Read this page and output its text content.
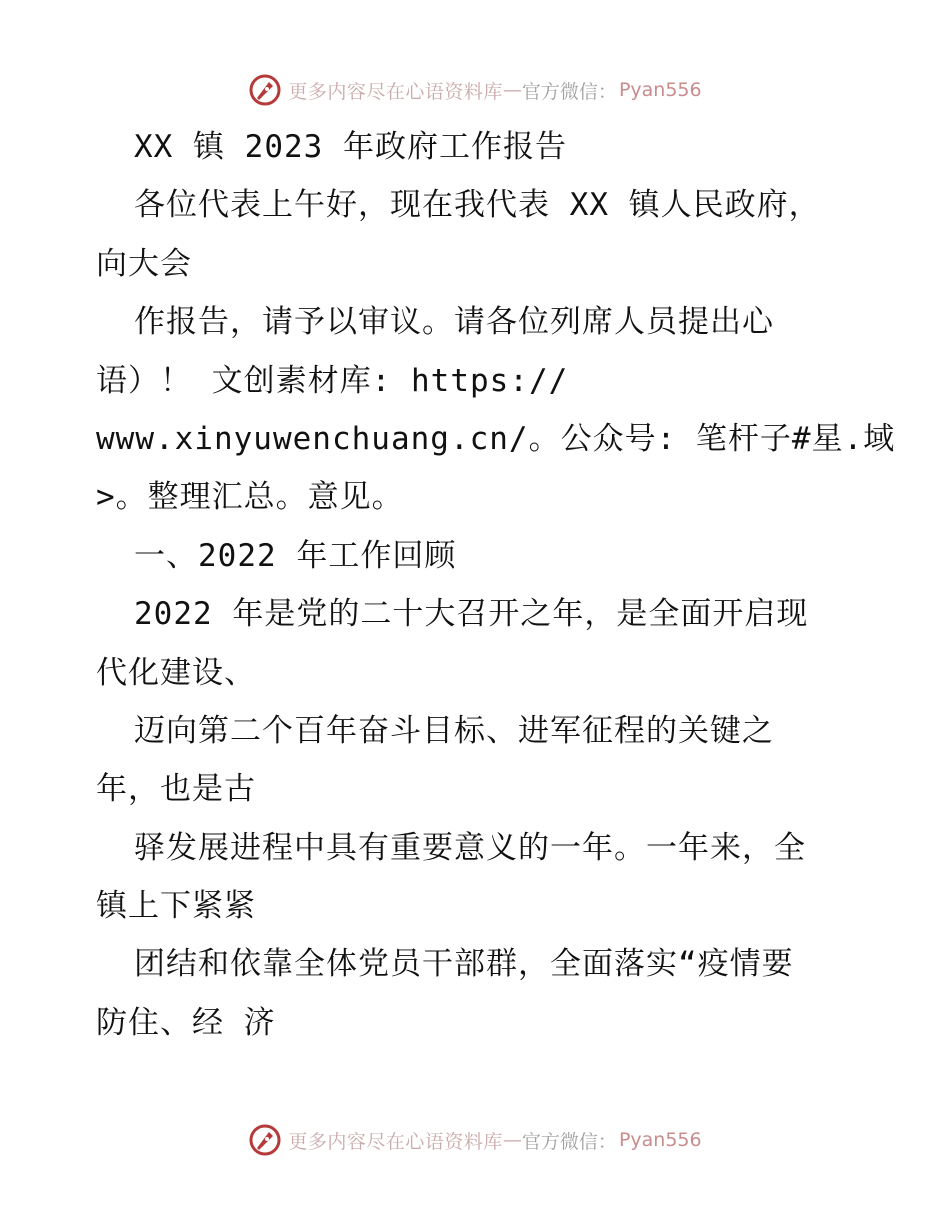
更多内容尽在心语资料库 — 官方微信： Pyan556
XX 镇 2023 年政府工作报告
各位代表上午好，现在我代表 XX 镇人民政府，
向大会
作报告，请予以审议。请各位列席人员提出心
语）！ 文创素材库: https://
www.xinyuwenchuang.cn/。公众号: 笔杆子#星.域
>。整理汇总。意见。
一、2022 年工作回顾
2022 年是党的二十大召开之年，是全面开启现
代化建设、
迈向第二个百年奋斗目标、进军征程的关键之
年，也是古
驿发展进程中具有重要意义的一年。一年来，全
镇上下紧紧
团结和依靠全体党员干部群，全面落实“疫情要
防住、经 济
更多内容尽在心语资料库 — 官方微信： Pyan556
